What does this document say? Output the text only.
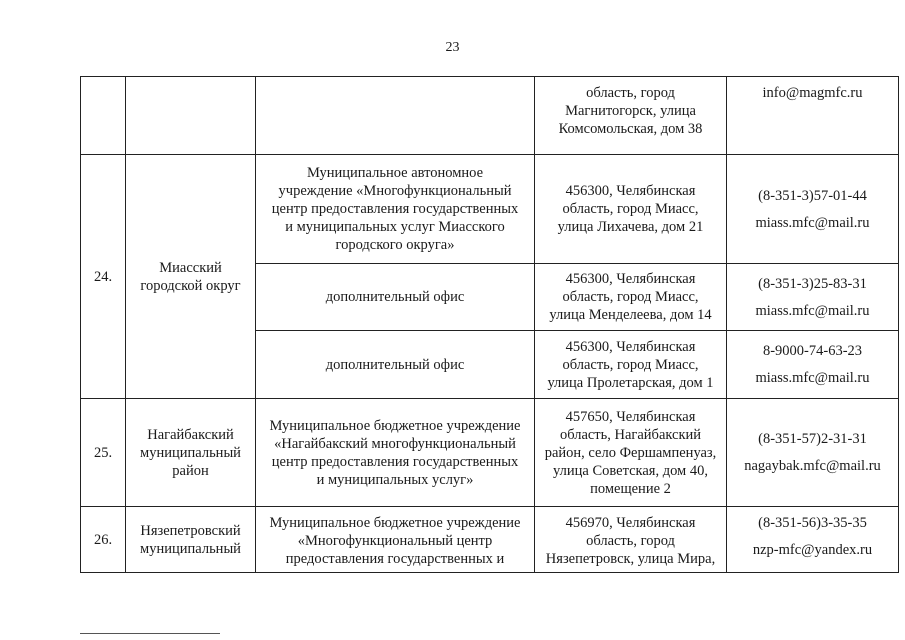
23

			область, город
Магнитогорск, улица
Комсомольская, дом 38	info@magmfc.ru

24.	Миасский
городской округ	Муниципальное автономное
учреждение «Многофункциональный
центр предоставления государственных
и муниципальных услуг Миасского
городского округа»	456300, Челябинская
область, город Миасс,
улица Лихачева, дом 21	(8-351-3)57-01-44
miass.mfc@mail.ru

		дополнительный офис	456300, Челябинская
область, город Миасс,
улица Менделеева, дом 14	(8-351-3)25-83-31
miass.mfc@mail.ru

		дополнительный офис	456300, Челябинская
область, город Миасс,
улица Пролетарская, дом 1	8-9000-74-63-23
miass.mfc@mail.ru

25.	Нагайбакский
муниципальный
район	Муниципальное бюджетное учреждение
«Нагайбакский многофункциональный
центр предоставления государственных
и муниципальных услуг»	457650, Челябинская
область, Нагайбакский
район, село Фершампенуаз,
улица Советская, дом 40,
помещение 2	(8-351-57)2-31-31
nagaybak.mfc@mail.ru

26.	Нязепетровский
муниципальный	Муниципальное бюджетное учреждение
«Многофункциональный центр
предоставления государственных и	456970, Челябинская
область, город
Нязепетровск, улица Мира,	(8-351-56)3-35-35
nzp-mfc@yandex.ru
